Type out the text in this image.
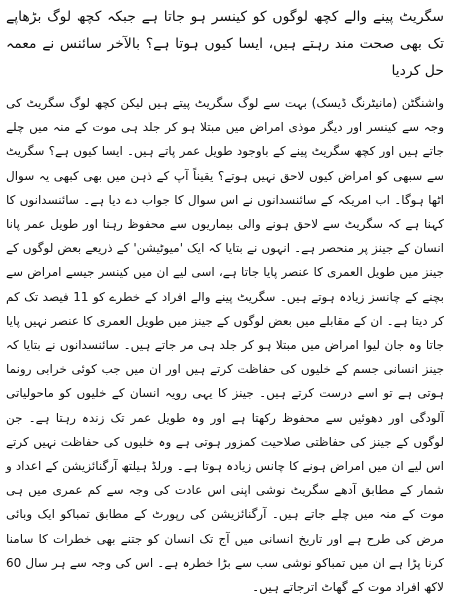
سگریٹ پینے والے کچھ لوگوں کو کینسر ہو جاتا ہے جبکہ کچھ لوگ بڑھاپے تک بھی صحت مند رہتے ہیں، ایسا کیوں ہوتا ہے؟ بالآخر سائنس نے معمہ حل کردیا

واشنگٹن (مانیٹرنگ ڈیسک) بہت سے لوگ سگریٹ پیتے ہیں لیکن کچھ لوگ سگریٹ کی وجہ سے کینسر اور دیگر موذی امراض میں مبتلا ہو کر جلد ہی موت کے منہ میں چلے جاتے ہیں اور کچھ سگریٹ پینے کے باوجود طویل عمر پاتے ہیں۔ ایسا کیوں ہے؟ سگریٹ سے سبھی کو امراض کیوں لاحق نہیں ہوتے؟ یقیناً آپ کے ذہن میں بھی کبھی یہ سوال اٹھا ہوگا۔ اب امریکہ کے سائنسدانوں نے اس سوال کا جواب دے دیا ہے۔ سائنسدانوں کا کہنا ہے کہ سگریٹ سے لاحق ہونے والی بیماریوں سے محفوظ رہنا اور طویل عمر پانا انسان کے جینز پر منحصر ہے۔ انہوں نے بتایا کہ ایک 'میوٹیشن' کے ذریعے بعض لوگوں کے جینز میں طویل العمری کا عنصر پایا جاتا ہے، اسی لیے ان میں کینسر جیسے امراض سے بچنے کے چانسز زیادہ ہوتے ہیں۔ سگریٹ پینے والے افراد کے خطرے کو 11 فیصد تک کم کر دیتا ہے۔ ان کے مقابلے میں بعض لوگوں کے جینز میں طویل العمری کا عنصر نہیں پایا جاتا وہ جان لیوا امراض میں مبتلا ہو کر جلد ہی مر جاتے ہیں۔ سائنسدانوں نے بتایا کہ جینز انسانی جسم کے خلیوں کی حفاظت کرتے ہیں اور ان میں جب کوئی خرابی رونما ہوتی ہے تو اسے درست کرتے ہیں۔ جینز کا یہی رویہ انسان کے خلیوں کو ماحولیاتی آلودگی اور دھوئیں سے محفوظ رکھتا ہے اور وہ طویل عمر تک زندہ رہتا ہے۔ جن لوگوں کے جینز کی حفاظتی صلاحیت کمزور ہوتی ہے وہ خلیوں کی حفاظت نہیں کرتے اس لیے ان میں امراض ہونے کا چانس زیادہ ہوتا ہے۔ ورلڈ ہیلتھ آرگنائزیشن کے اعداد و شمار کے مطابق آدھے سگریٹ نوشی اپنی اس عادت کی وجہ سے کم عمری میں ہی موت کے منہ میں چلے جاتے ہیں۔ آرگنائزیشن کی رپورٹ کے مطابق تمباکو ایک وبائی مرض کی طرح ہے اور تاریخ انسانی میں آج تک انسان کو جتنے بھی خطرات کا سامنا کرنا پڑا ہے ان میں تمباکو نوشی سب سے بڑا خطرہ ہے۔ اس کی وجہ سے ہر سال 60 لاکھ افراد موت کے گھاٹ اترجاتے ہیں۔
